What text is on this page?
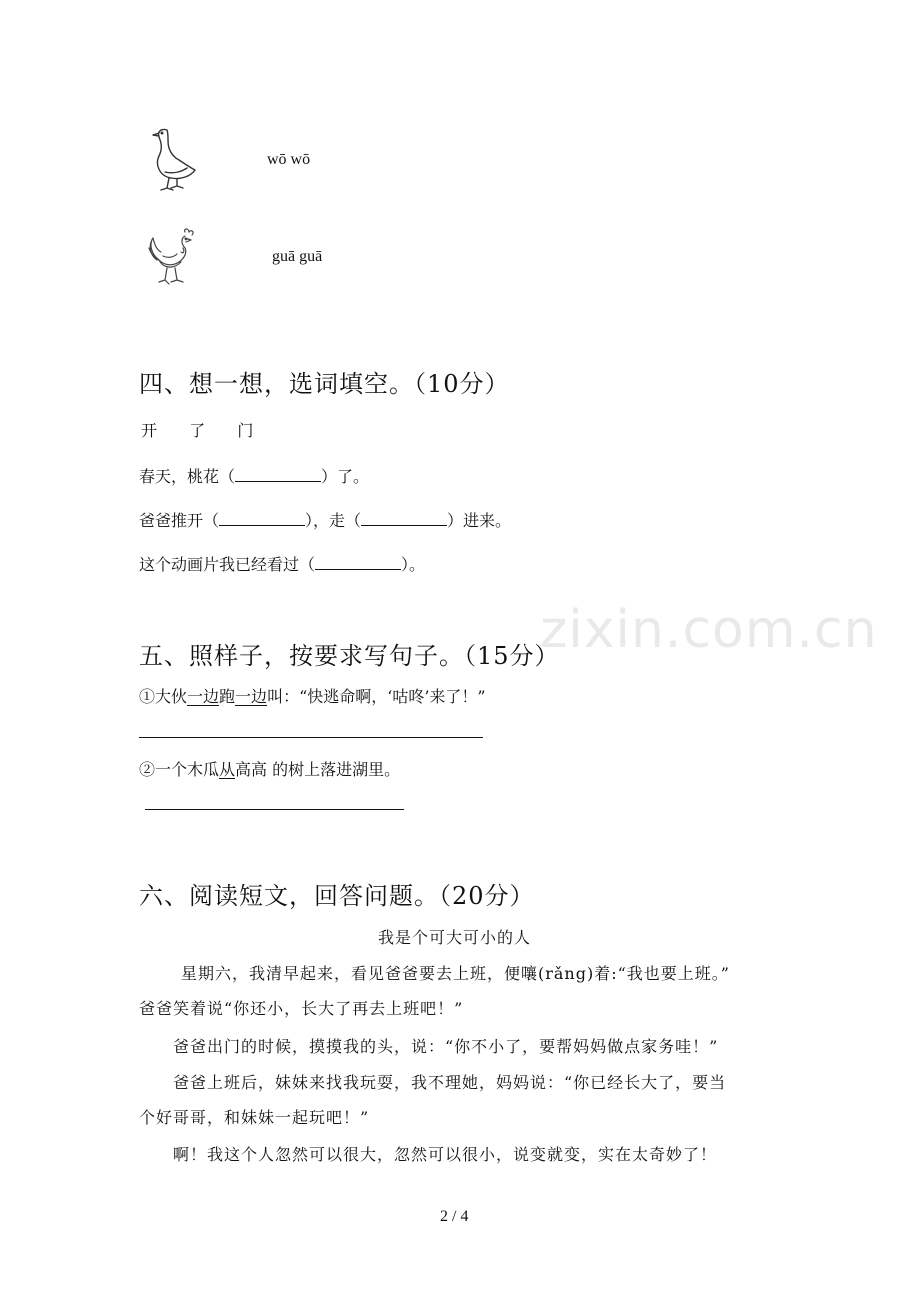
zixin.com.cn
wō wō
guā guā
四、想一想，选词填空。（10分）
开 了 门
春天，桃花（	）了。
爸爸推开（	），走（	）进来。
这个动画片我已经看过（	）。
五、照样子，按要求写句子。（15分）
①大伙一边跑一边叫：“快逃命啊，‘咕咚’来了！”
②一个木瓜从高高 的树上落进湖里。
六、阅读短文，回答问题。（20分）
我是个可大可小的人
星期六，我清早起来，看见爸爸要去上班，便嚷(rǎng)着:“我也要上班。”
爸爸笑着说“你还小，长大了再去上班吧！”
爸爸出门的时候，摸摸我的头，说：“你不小了，要帮妈妈做点家务哇！”
爸爸上班后，妹妹来找我玩耍，我不理她，妈妈说：“你已经长大了，要当
个好哥哥，和妹妹一起玩吧！”
啊！我这个人忽然可以很大，忽然可以很小，说变就变，实在太奇妙了！
2 / 4
